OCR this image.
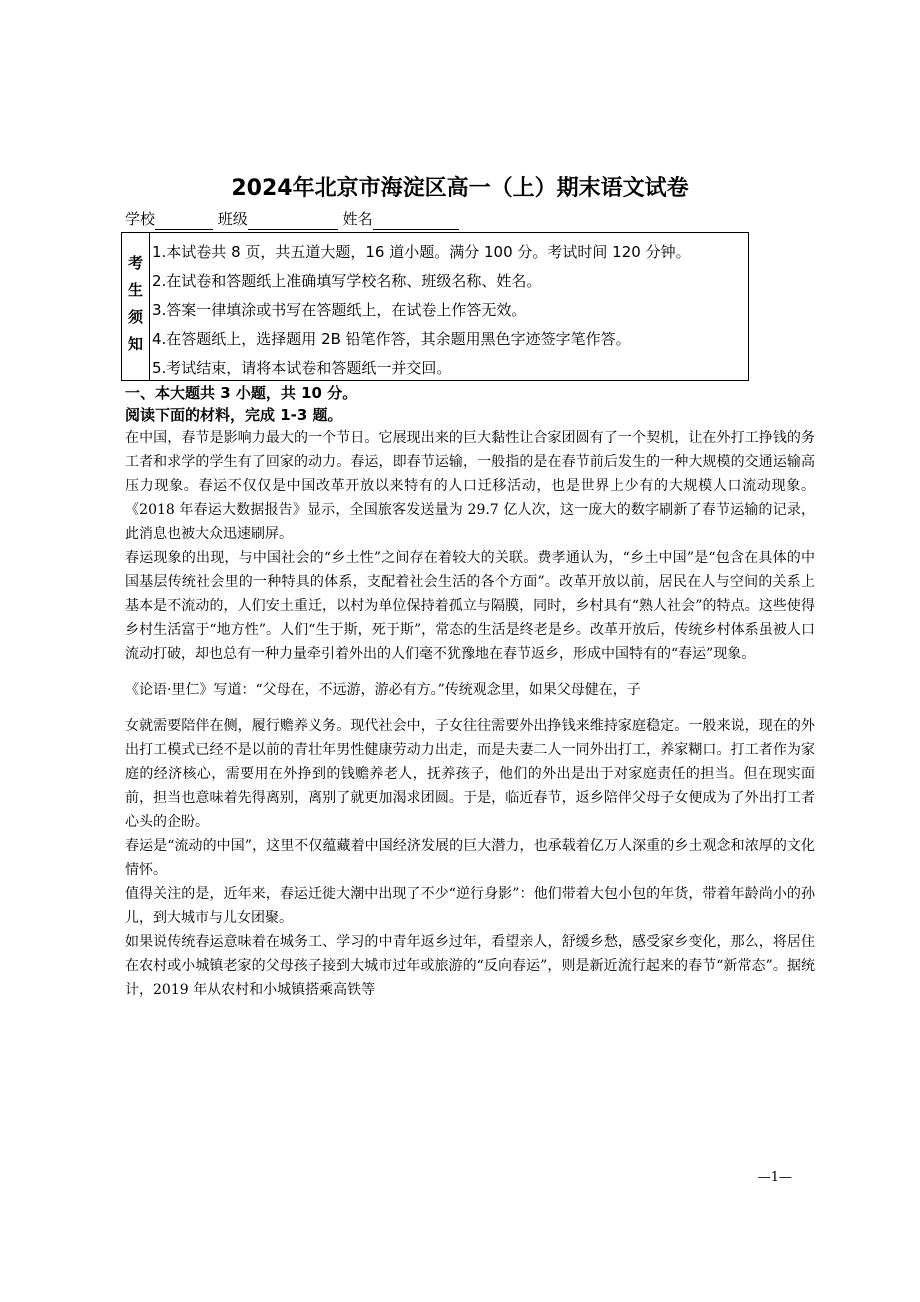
2024年北京市海淀区高一（上）期末语文试卷
学校	班级	姓名
考生须知
1.本试卷共 8 页，共五道大题，16 道小题。满分 100 分。考试时间 120 分钟。
2.在试卷和答题纸上准确填写学校名称、班级名称、姓名。
3.答案一律填涂或书写在答题纸上，在试卷上作答无效。
4.在答题纸上，选择题用 2B 铅笔作答，其余题用黑色字迹签字笔作答。
5.考试结束，请将本试卷和答题纸一并交回。
一、本大题共 3 小题，共 10 分。
阅读下面的材料，完成 1-3 题。

在中国，春节是影响力最大的一个节日。它展现出来的巨大黏性让合家团圆有了一个契机，让在外打工挣钱的务工者和求学的学生有了回家的动力。春运，即春节运输，一般指的是在春节前后发生的一种大规模的交通运输高压力现象。春运不仅仅是中国改革开放以来特有的人口迁移活动，也是世界上少有的大规模人口流动现象。《2018 年春运大数据报告》显示，全国旅客发送量为 29.7 亿人次，这一庞大的数字刷新了春节运输的记录，此消息也被大众迅速刷屏。

春运现象的出现，与中国社会的“乡土性”之间存在着较大的关联。费孝通认为，“乡土中国”是“包含在具体的中国基层传统社会里的一种特具的体系，支配着社会生活的各个方面”。改革开放以前，居民在人与空间的关系上基本是不流动的，人们安土重迁，以村为单位保持着孤立与隔膜，同时，乡村具有“熟人社会”的特点。这些使得乡村生活富于“地方性”。人们“生于斯，死于斯”，常态的生活是终老是乡。改革开放后，传统乡村体系虽被人口流动打破，却也总有一种力量牵引着外出的人们毫不犹豫地在春节返乡，形成中国特有的“春运”现象。

《论语·里仁》写道：“父母在，不远游，游必有方。”传统观念里，如果父母健在，子

女就需要陪伴在侧，履行赡养义务。现代社会中，子女往往需要外出挣钱来维持家庭稳定。一般来说，现在的外出打工模式已经不是以前的青壮年男性健康劳动力出走，而是夫妻二人一同外出打工，养家糊口。打工者作为家庭的经济核心，需要用在外挣到的钱赡养老人，抚养孩子，他们的外出是出于对家庭责任的担当。但在现实面前，担当也意味着先得离别，离别了就更加渴求团圆。于是，临近春节，返乡陪伴父母子女便成为了外出打工者心头的企盼。

春运是“流动的中国”，这里不仅蕴藏着中国经济发展的巨大潜力，也承载着亿万人深重的乡土观念和浓厚的文化情怀。

值得关注的是，近年来，春运迁徙大潮中出现了不少“逆行身影”：他们带着大包小包的年货，带着年龄尚小的孙儿，到大城市与儿女团聚。

如果说传统春运意味着在城务工、学习的中青年返乡过年，看望亲人，舒缓乡愁，感受家乡变化，那么，将居住在农村或小城镇老家的父母孩子接到大城市过年或旅游的“反向春运”，则是新近流行起来的春节“新常态”。据统计，2019 年从农村和小城镇搭乘高铁等

—1—
